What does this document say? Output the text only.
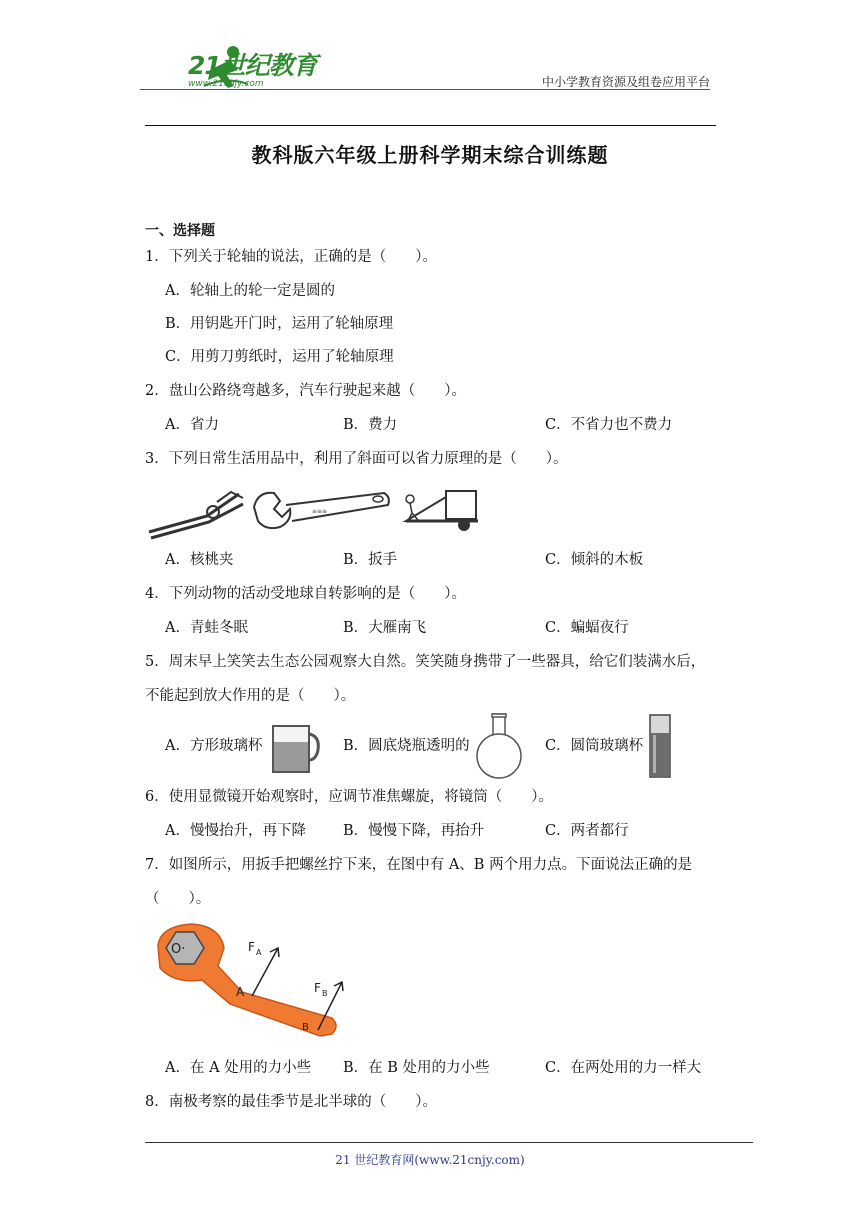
21世纪教育
www.21cnjy.com	中小学教育资源及组卷应用平台
教科版六年级上册科学期末综合训练题
一、选择题
1．下列关于轮轴的说法，正确的是（　　）。
A．轮轴上的轮一定是圆的
B．用钥匙开门时，运用了轮轴原理
C．用剪刀剪纸时，运用了轮轴原理
2．盘山公路绕弯越多，汽车行驶起来越（　　）。
A．省力	B．费力	C．不省力也不费力
3．下列日常生活用品中，利用了斜面可以省力原理的是（　　）。
≡≡≡
A．核桃夹	B．扳手	C．倾斜的木板
4．下列动物的活动受地球自转影响的是（　　）。
A．青蛙冬眠	B．大雁南飞	C．蝙蝠夜行
5．周末早上笑笑去生态公园观察大自然。笑笑随身携带了一些器具，给它们装满水后，
不能起到放大作用的是（　　）。
A．方形玻璃杯	B．圆底烧瓶透明的	C．圆筒玻璃杯
6．使用显微镜开始观察时，应调节准焦螺旋，将镜筒（　　）。
A．慢慢抬升，再下降	B．慢慢下降，再抬升	C．两者都行
7．如图所示，用扳手把螺丝拧下来，在图中有 A、B 两个用力点。下面说法正确的是
（　　）。
O·	F A
F B
A
B
A．在 A 处用的力小些 B．在 B 处用的力小些	C．在两处用的力一样大
8．南极考察的最佳季节是北半球的（　　）。
21 世纪教育网(www.21cnjy.com)
